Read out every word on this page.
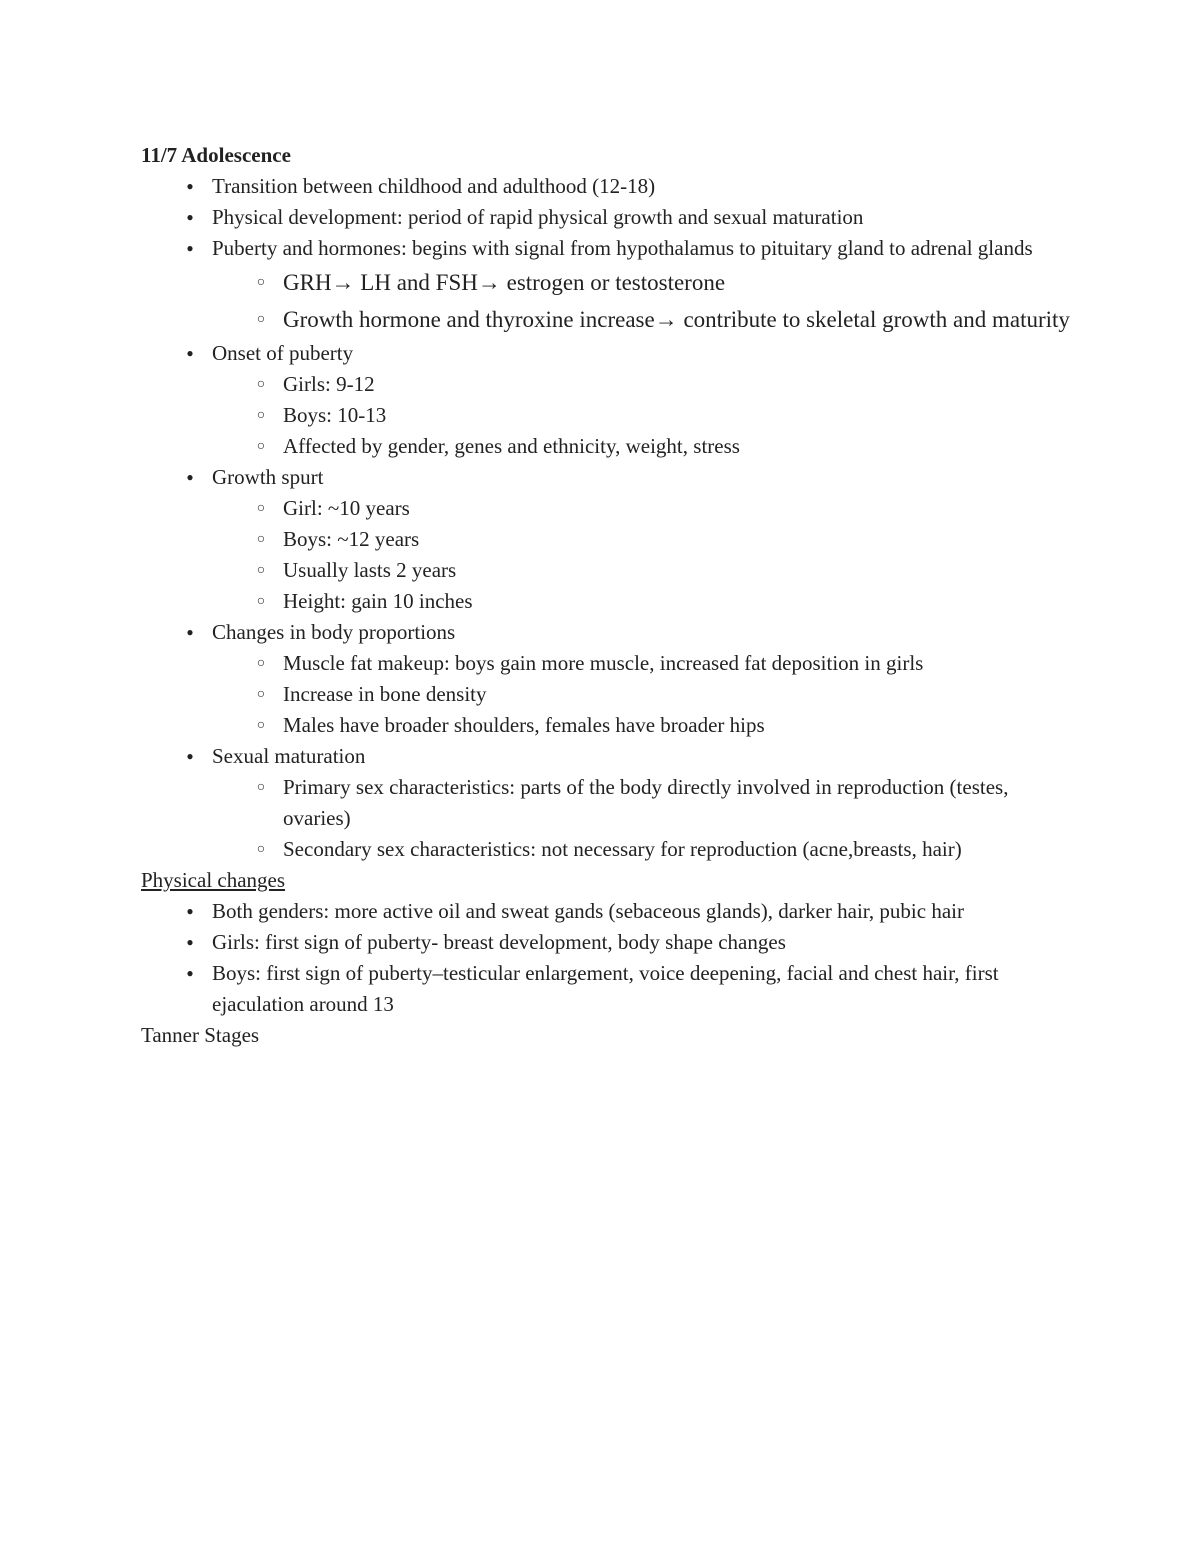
11/7 Adolescence
● Transition between childhood and adulthood (12-18)
● Physical development: period of rapid physical growth and sexual maturation
● Puberty and hormones: begins with signal from hypothalamus to pituitary gland to adrenal glands
○ GRH→ LH and FSH→ estrogen or testosterone
○ Growth hormone and thyroxine increase→ contribute to skeletal growth and maturity
● Onset of puberty
○ Girls: 9-12
○ Boys: 10-13
○ Affected by gender, genes and ethnicity, weight, stress
● Growth spurt
○ Girl: ~10 years
○ Boys: ~12 years
○ Usually lasts 2 years
○ Height: gain 10 inches
● Changes in body proportions
○ Muscle fat makeup: boys gain more muscle, increased fat deposition in girls
○ Increase in bone density
○ Males have broader shoulders, females have broader hips
● Sexual maturation
○ Primary sex characteristics: parts of the body directly involved in reproduction (testes, ovaries)
○ Secondary sex characteristics: not necessary for reproduction (acne,breasts, hair)
Physical changes
● Both genders: more active oil and sweat gands (sebaceous glands), darker hair, pubic hair
● Girls: first sign of puberty- breast development, body shape changes
● Boys: first sign of puberty–testicular enlargement, voice deepening, facial and chest hair, first ejaculation around 13
Tanner Stages
